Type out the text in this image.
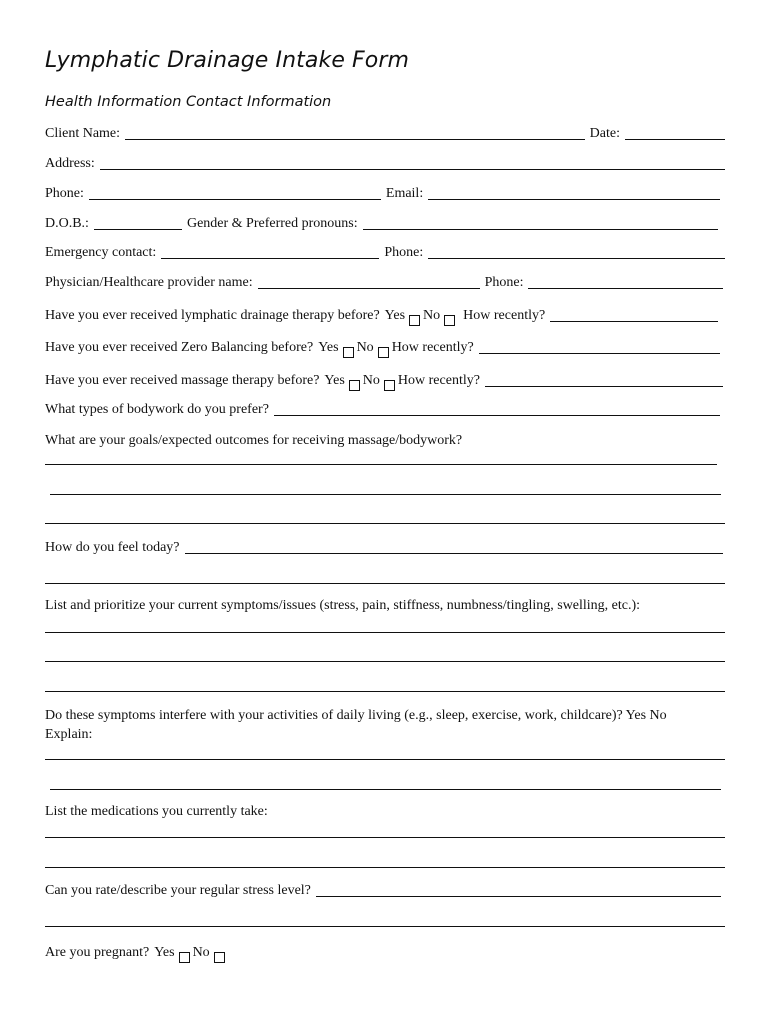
Lymphatic Drainage Intake Form
Health Information Contact Information
Client Name:	Date:
Address:
Phone:	Email:
D.O.B.:	Gender & Preferred pronouns:
Emergency contact:	Phone:
Physician/Healthcare provider name:	Phone:
Have you ever received lymphatic drainage therapy before? Yes No How recently?
Have you ever received Zero Balancing before? Yes No How recently?
Have you ever received massage therapy before? Yes No How recently?
What types of bodywork do you prefer?
What are your goals/expected outcomes for receiving massage/bodywork?
How do you feel today?
List and prioritize your current symptoms/issues (stress, pain, stiffness, numbness/tingling, swelling, etc.):
Do these symptoms interfere with your activities of daily living (e.g., sleep, exercise, work, childcare)? Yes No
Explain:
List the medications you currently take:
Can you rate/describe your regular stress level?
Are you pregnant? Yes No
